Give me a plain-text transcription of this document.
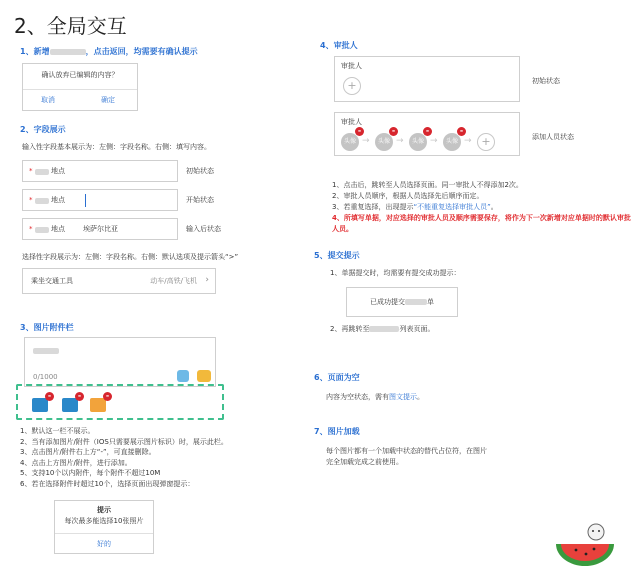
2、全局交互
1、新增	，点击返回，均需要有确认提示
确认放弃已编辑的内容？
取消	确定
2、字段展示
输入性字段基本展示为：左侧：字段名称。右侧：填写内容。
*	地点	初始状态
*	地点	开始状态
*	地点	埃萨尔比亚	输入后状态
选择性字段展示为：左侧：字段名称。右侧：默认选项及提示箭头“>”
乘坐交通工具	动车/高铁/飞机 ›
3、图片附件栏
0/1000
-	-	-
1、默认这一栏不展示。
2、当有添加图片/附件（IOS只需要展示图片标识）时，展示此栏。
3、点击图片/附件右上方“-”，可直接删除。
4、点击上方图片/附件，进行添加。
5、支持10个以内附件，每个附件不超过10M
6、若在选择附件时超过10个，选择页面出现弹窗提示：
提示
每次最多能选择10张照片
好的
4、审批人
审批人
+	初始状态
审批人
头像
-
→	头像
-
→	头像
-
→	头像
-
→ +	添加人员状态
1、点击后，跳转至人员选择页面。同一审批人不得添加2次。
2、审批人员顺序，根据人员选择先后顺序而定。
3、若重复选择，出现提示“不能重复选择审批人员”。
4、所填写单据，对应选择的审批人员及顺序需要保存，将作为下一次新增对应单据时的默认审批人员。
5、提交提示
1、单据提交时，均需要有提交成功提示：
已成功提交	单
2、再跳转至	列表页面。
6、页面为空
内容为空状态，需有图文提示。
7、图片加载
每个图片都有一个加载中状态的替代占位符，在图片
完全加载完成之前使用。
